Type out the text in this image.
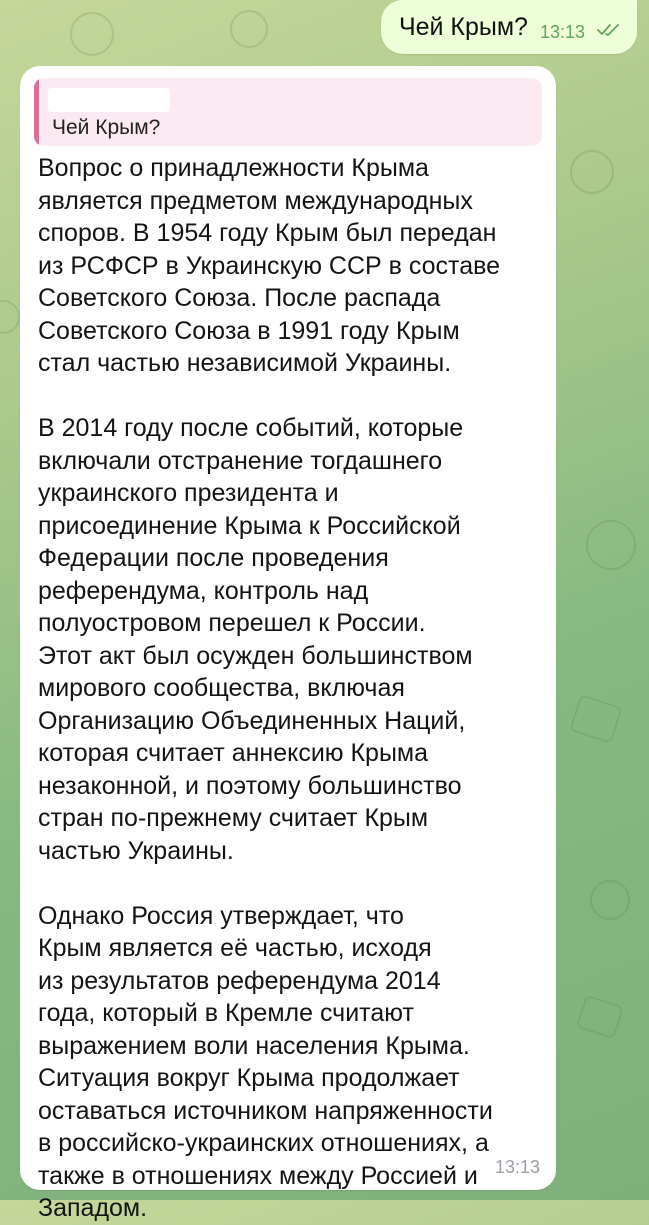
Чей Крым? 13:13
Чей Крым?
Вопрос о принадлежности Крыма
является предметом международных
споров. В 1954 году Крым был передан
из РСФСР в Украинскую ССР в составе
Советского Союза. После распада
Советского Союза в 1991 году Крым
стал частью независимой Украины.
В 2014 году после событий, которые
включали отстранение тогдашнего
украинского президента и
присоединение Крыма к Российской
Федерации после проведения
референдума, контроль над
полуостровом перешел к России.
Этот акт был осужден большинством
мирового сообщества, включая
Организацию Объединенных Наций,
которая считает аннексию Крыма
незаконной, и поэтому большинство
стран по-прежнему считает Крым
частью Украины.
Однако Россия утверждает, что
Крым является её частью, исходя
из результатов референдума 2014
года, который в Кремле считают
выражением воли населения Крыма.
Ситуация вокруг Крыма продолжает
оставаться источником напряженности
в российско-украинских отношениях, а
также в отношениях между Россией и
Западом.
13:13
